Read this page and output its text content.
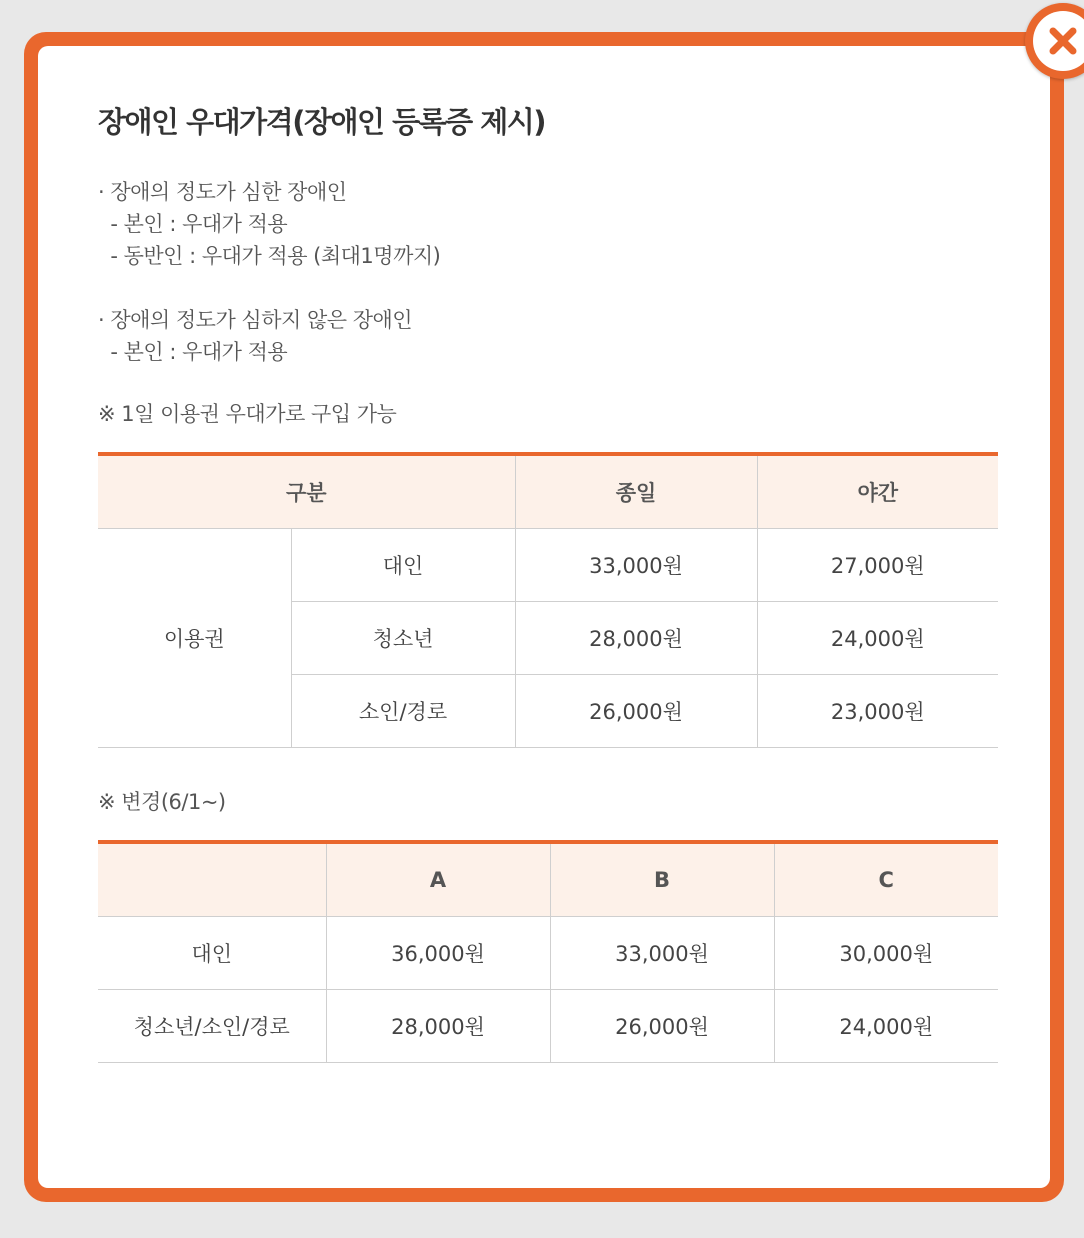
장애인 우대가격(장애인 등록증 제시)
· 장애의 정도가 심한 장애인
- 본인 : 우대가 적용
- 동반인 : 우대가 적용 (최대1명까지)
· 장애의 정도가 심하지 않은 장애인
- 본인 : 우대가 적용
※ 1일 이용권 우대가로 구입 가능
구분		종일	야간
이용권	대인	33,000원	27,000원
	청소년	28,000원	24,000원
	소인/경로	26,000원	23,000원
※ 변경(6/1~)
	A	B	C
대인	36,000원	33,000원	30,000원
청소년/소인/경로	28,000원	26,000원	24,000원
